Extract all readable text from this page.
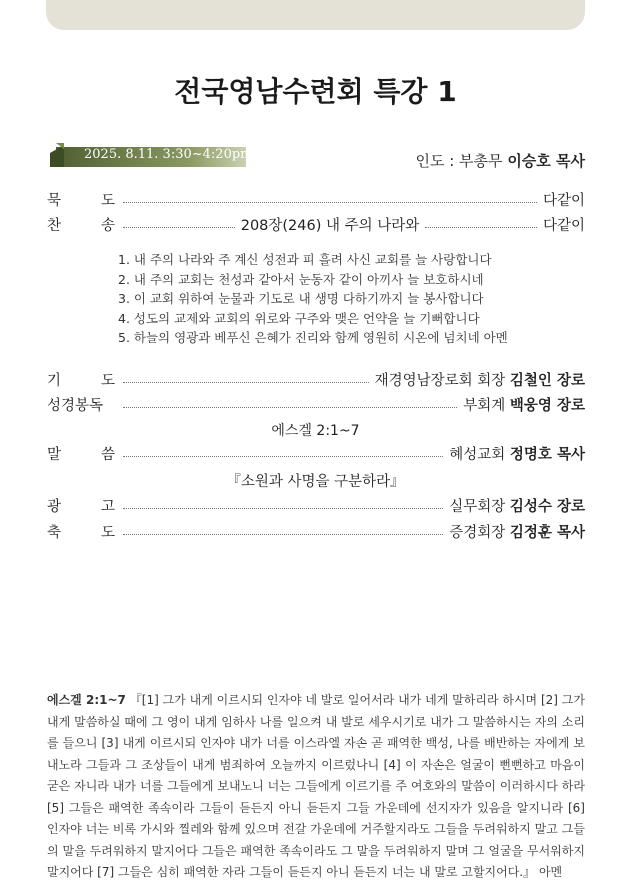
전국영남수련회 특강 1
2025. 8.11. 3:30~4:20pm	인도 : 부총무 이승호 목사
묵	도	다같이
찬	송	208장(246) 내 주의 나라와	다같이
1. 내 주의 나라와 주 계신 성전과 피 흘려 사신 교회를 늘 사랑합니다
2. 내 주의 교회는 천성과 같아서 눈동자 같이 아끼사 늘 보호하시네
3. 이 교회 위하여 눈물과 기도로 내 생명 다하기까지 늘 봉사합니다
4. 성도의 교제와 교회의 위로와 구주와 맺은 언약을 늘 기뻐합니다
5. 하늘의 영광과 베푸신 은혜가 진리와 함께 영원히 시온에 넘치네 아멘
기	도	재경영남장로회 회장 김철인 장로
성경봉독	부회계 백웅영 장로
에스겔 2:1~7
말	씀	혜성교회 정명호 목사
『소원과 사명을 구분하라』
광	고	실무회장 김성수 장로
축	도	증경회장 김정훈 목사
에스겔 2:1~7 『[1] 그가 내게 이르시되 인자야 네 발로 일어서라 내가 네게 말하리라 하시며 [2] 그가 내게 말씀하실 때에 그 영이 내게 임하사 나를 일으켜 내 발로 세우시기로 내가 그 말씀하시는 자의 소리를 들으니 [3] 내게 이르시되 인자야 내가 너를 이스라엘 자손 곧 패역한 백성, 나를 배반하는 자에게 보내노라 그들과 그 조상들이 내게 범죄하여 오늘까지 이르렀나니 [4] 이 자손은 얼굴이 뻔뻔하고 마음이 굳은 자니라 내가 너를 그들에게 보내노니 너는 그들에게 이르기를 주 여호와의 말씀이 이러하시다 하라 [5] 그들은 패역한 족속이라 그들이 듣든지 아니 듣든지 그들 가운데에 선지자가 있음을 알지니라 [6] 인자야 너는 비록 가시와 찔레와 함께 있으며 전갈 가운데에 거주할지라도 그들을 두려워하지 말고 그들의 말을 두려워하지 말지어다 그들은 패역한 족속이라도 그 말을 두려워하지 말며 그 얼굴을 무서워하지 말지어다 [7] 그들은 심히 패역한 자라 그들이 듣든지 아니 듣든지 너는 내 말로 고할지어다.』 아멘
